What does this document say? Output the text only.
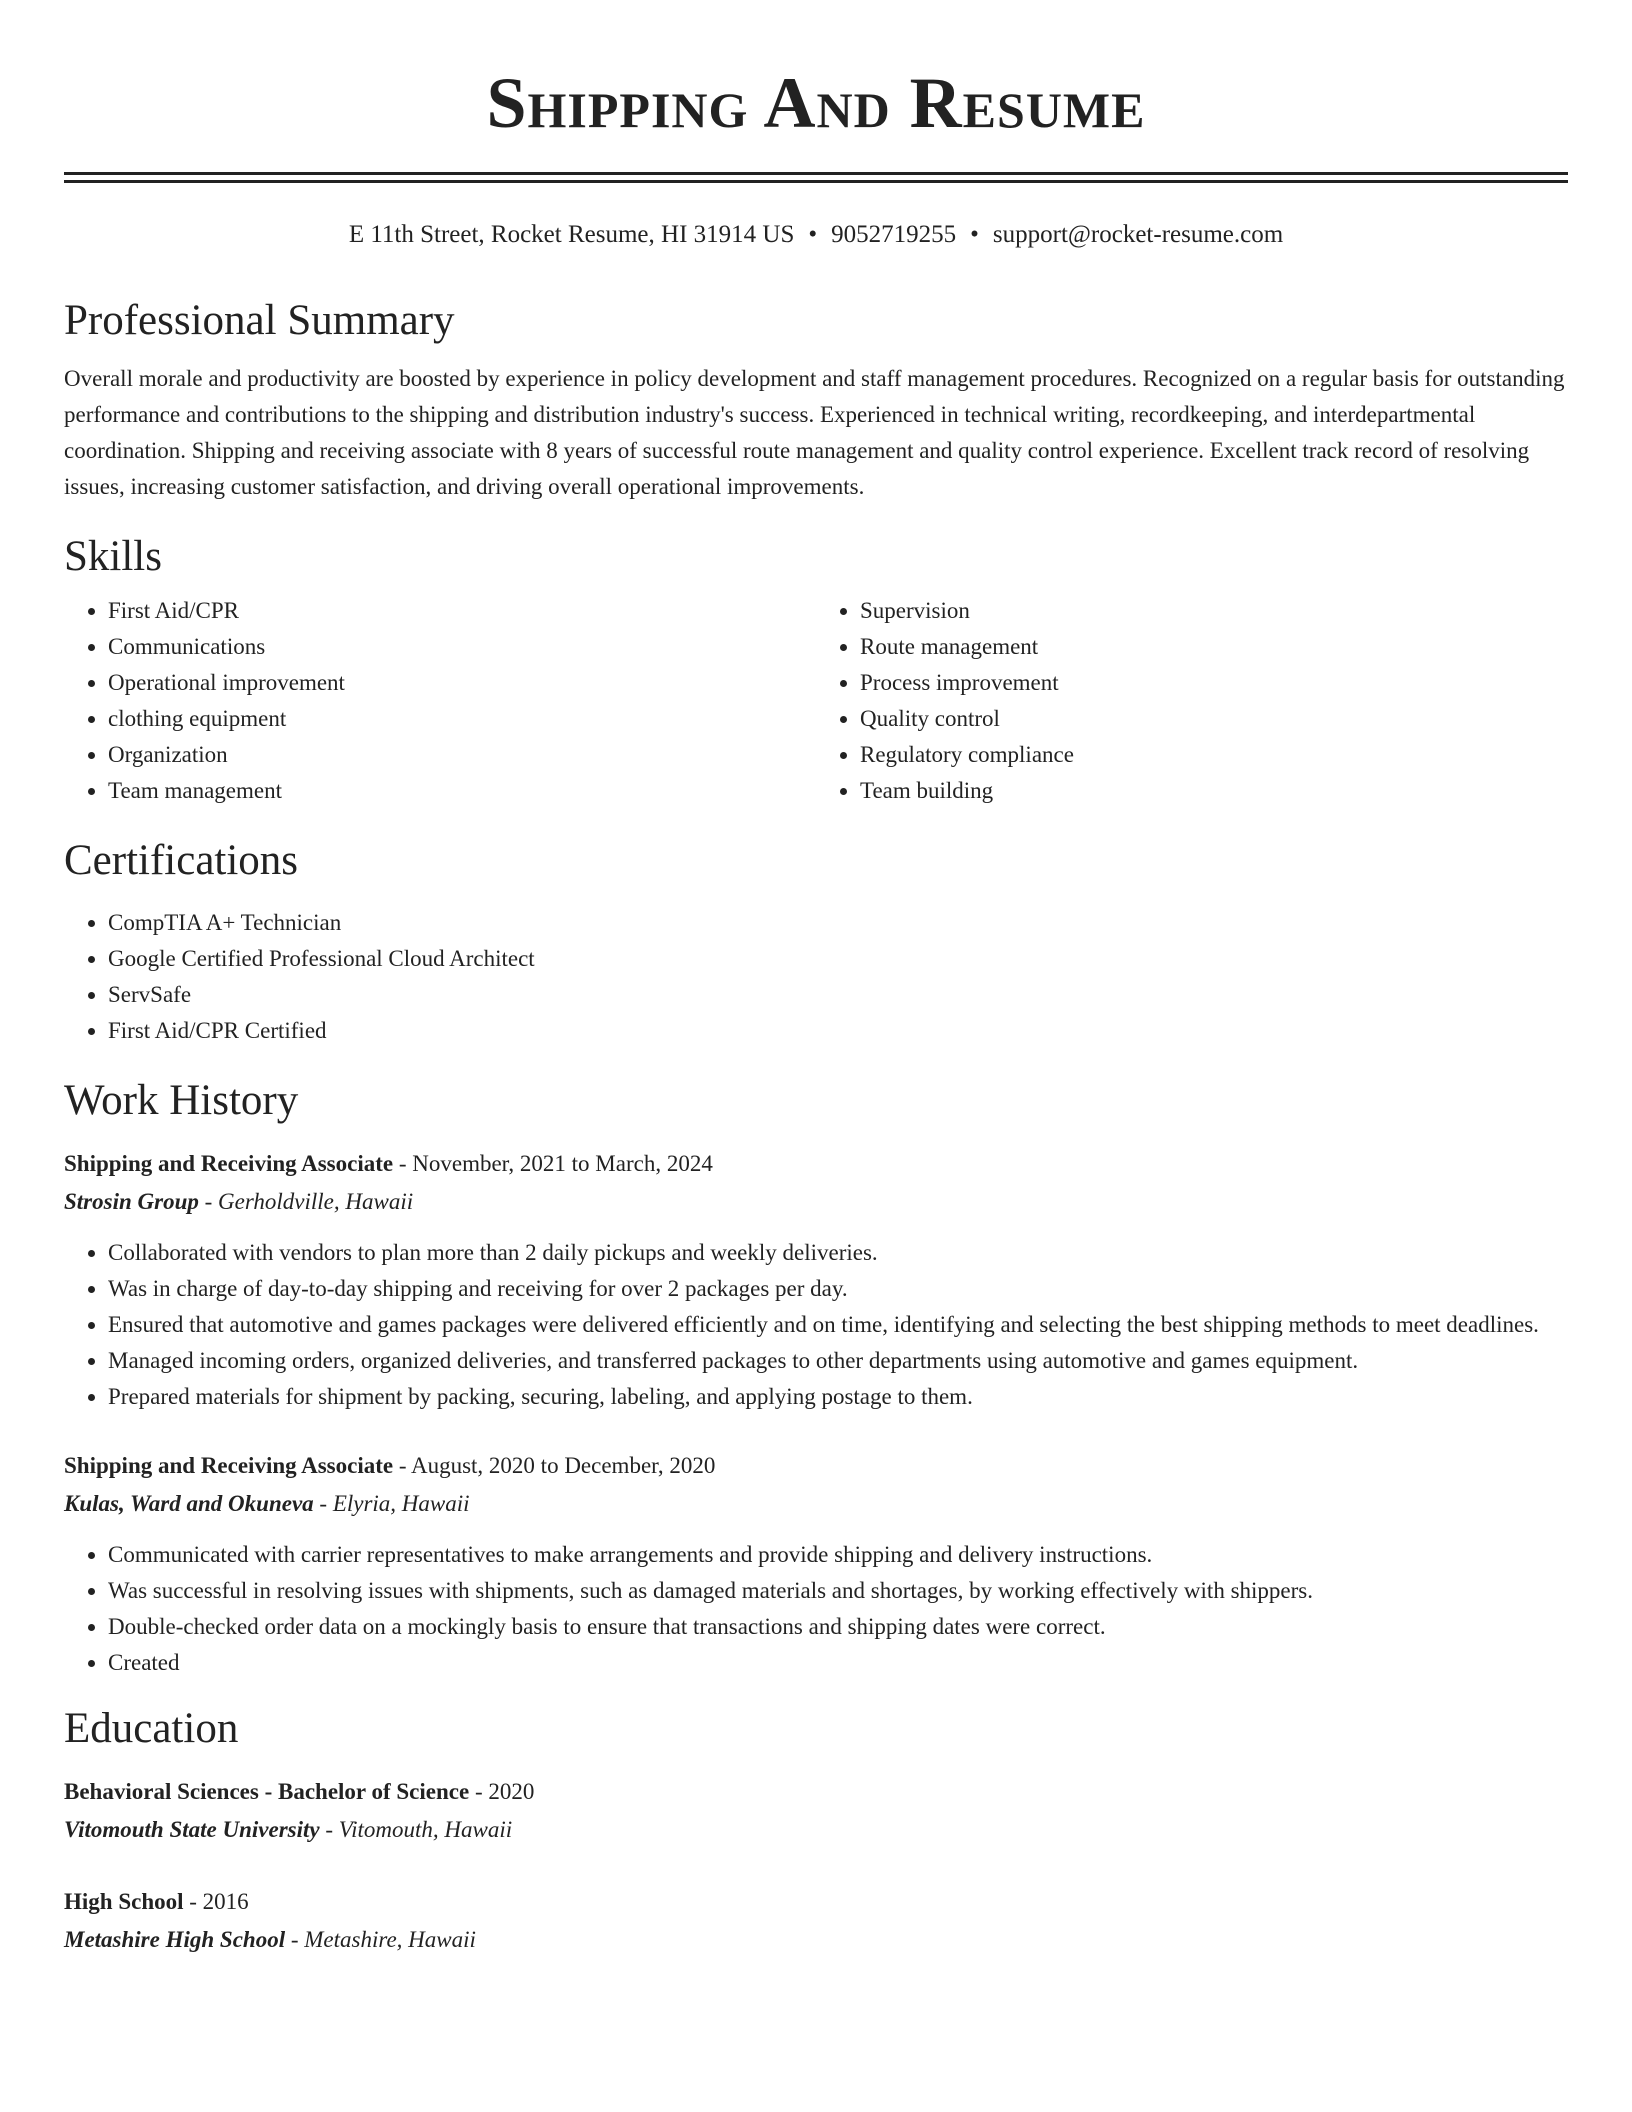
Shipping And Resume
E 11th Street, Rocket Resume, HI 31914 US • 9052719255 • support@rocket-resume.com
Professional Summary

Overall morale and productivity are boosted by experience in policy development and staff management procedures. Recognized on a regular basis for outstanding performance and contributions to the shipping and distribution industry's success. Experienced in technical writing, recordkeeping, and interdepartmental coordination. Shipping and receiving associate with 8 years of successful route management and quality control experience. Excellent track record of resolving issues, increasing customer satisfaction, and driving overall operational improvements.

Skills
• First Aid/CPR
• Communications
• Operational improvement
• clothing equipment
• Organization
• Team management
• Supervision
• Route management
• Process improvement
• Quality control
• Regulatory compliance
• Team building
Certifications
• CompTIA A+ Technician
• Google Certified Professional Cloud Architect
• ServSafe
• First Aid/CPR Certified
Work History
Shipping and Receiving Associate - November, 2021 to March, 2024
Strosin Group - Gerholdville, Hawaii
• Collaborated with vendors to plan more than 2 daily pickups and weekly deliveries.
• Was in charge of day-to-day shipping and receiving for over 2 packages per day.
• Ensured that automotive and games packages were delivered efficiently and on time, identifying and selecting the best shipping methods to meet deadlines.
• Managed incoming orders, organized deliveries, and transferred packages to other departments using automotive and games equipment.
• Prepared materials for shipment by packing, securing, labeling, and applying postage to them.
Shipping and Receiving Associate - August, 2020 to December, 2020
Kulas, Ward and Okuneva - Elyria, Hawaii
• Communicated with carrier representatives to make arrangements and provide shipping and delivery instructions.
• Was successful in resolving issues with shipments, such as damaged materials and shortages, by working effectively with shippers.
• Double-checked order data on a mockingly basis to ensure that transactions and shipping dates were correct.
• Created
Education
Behavioral Sciences - Bachelor of Science - 2020
Vitomouth State University - Vitomouth, Hawaii
High School - 2016
Metashire High School - Metashire, Hawaii
